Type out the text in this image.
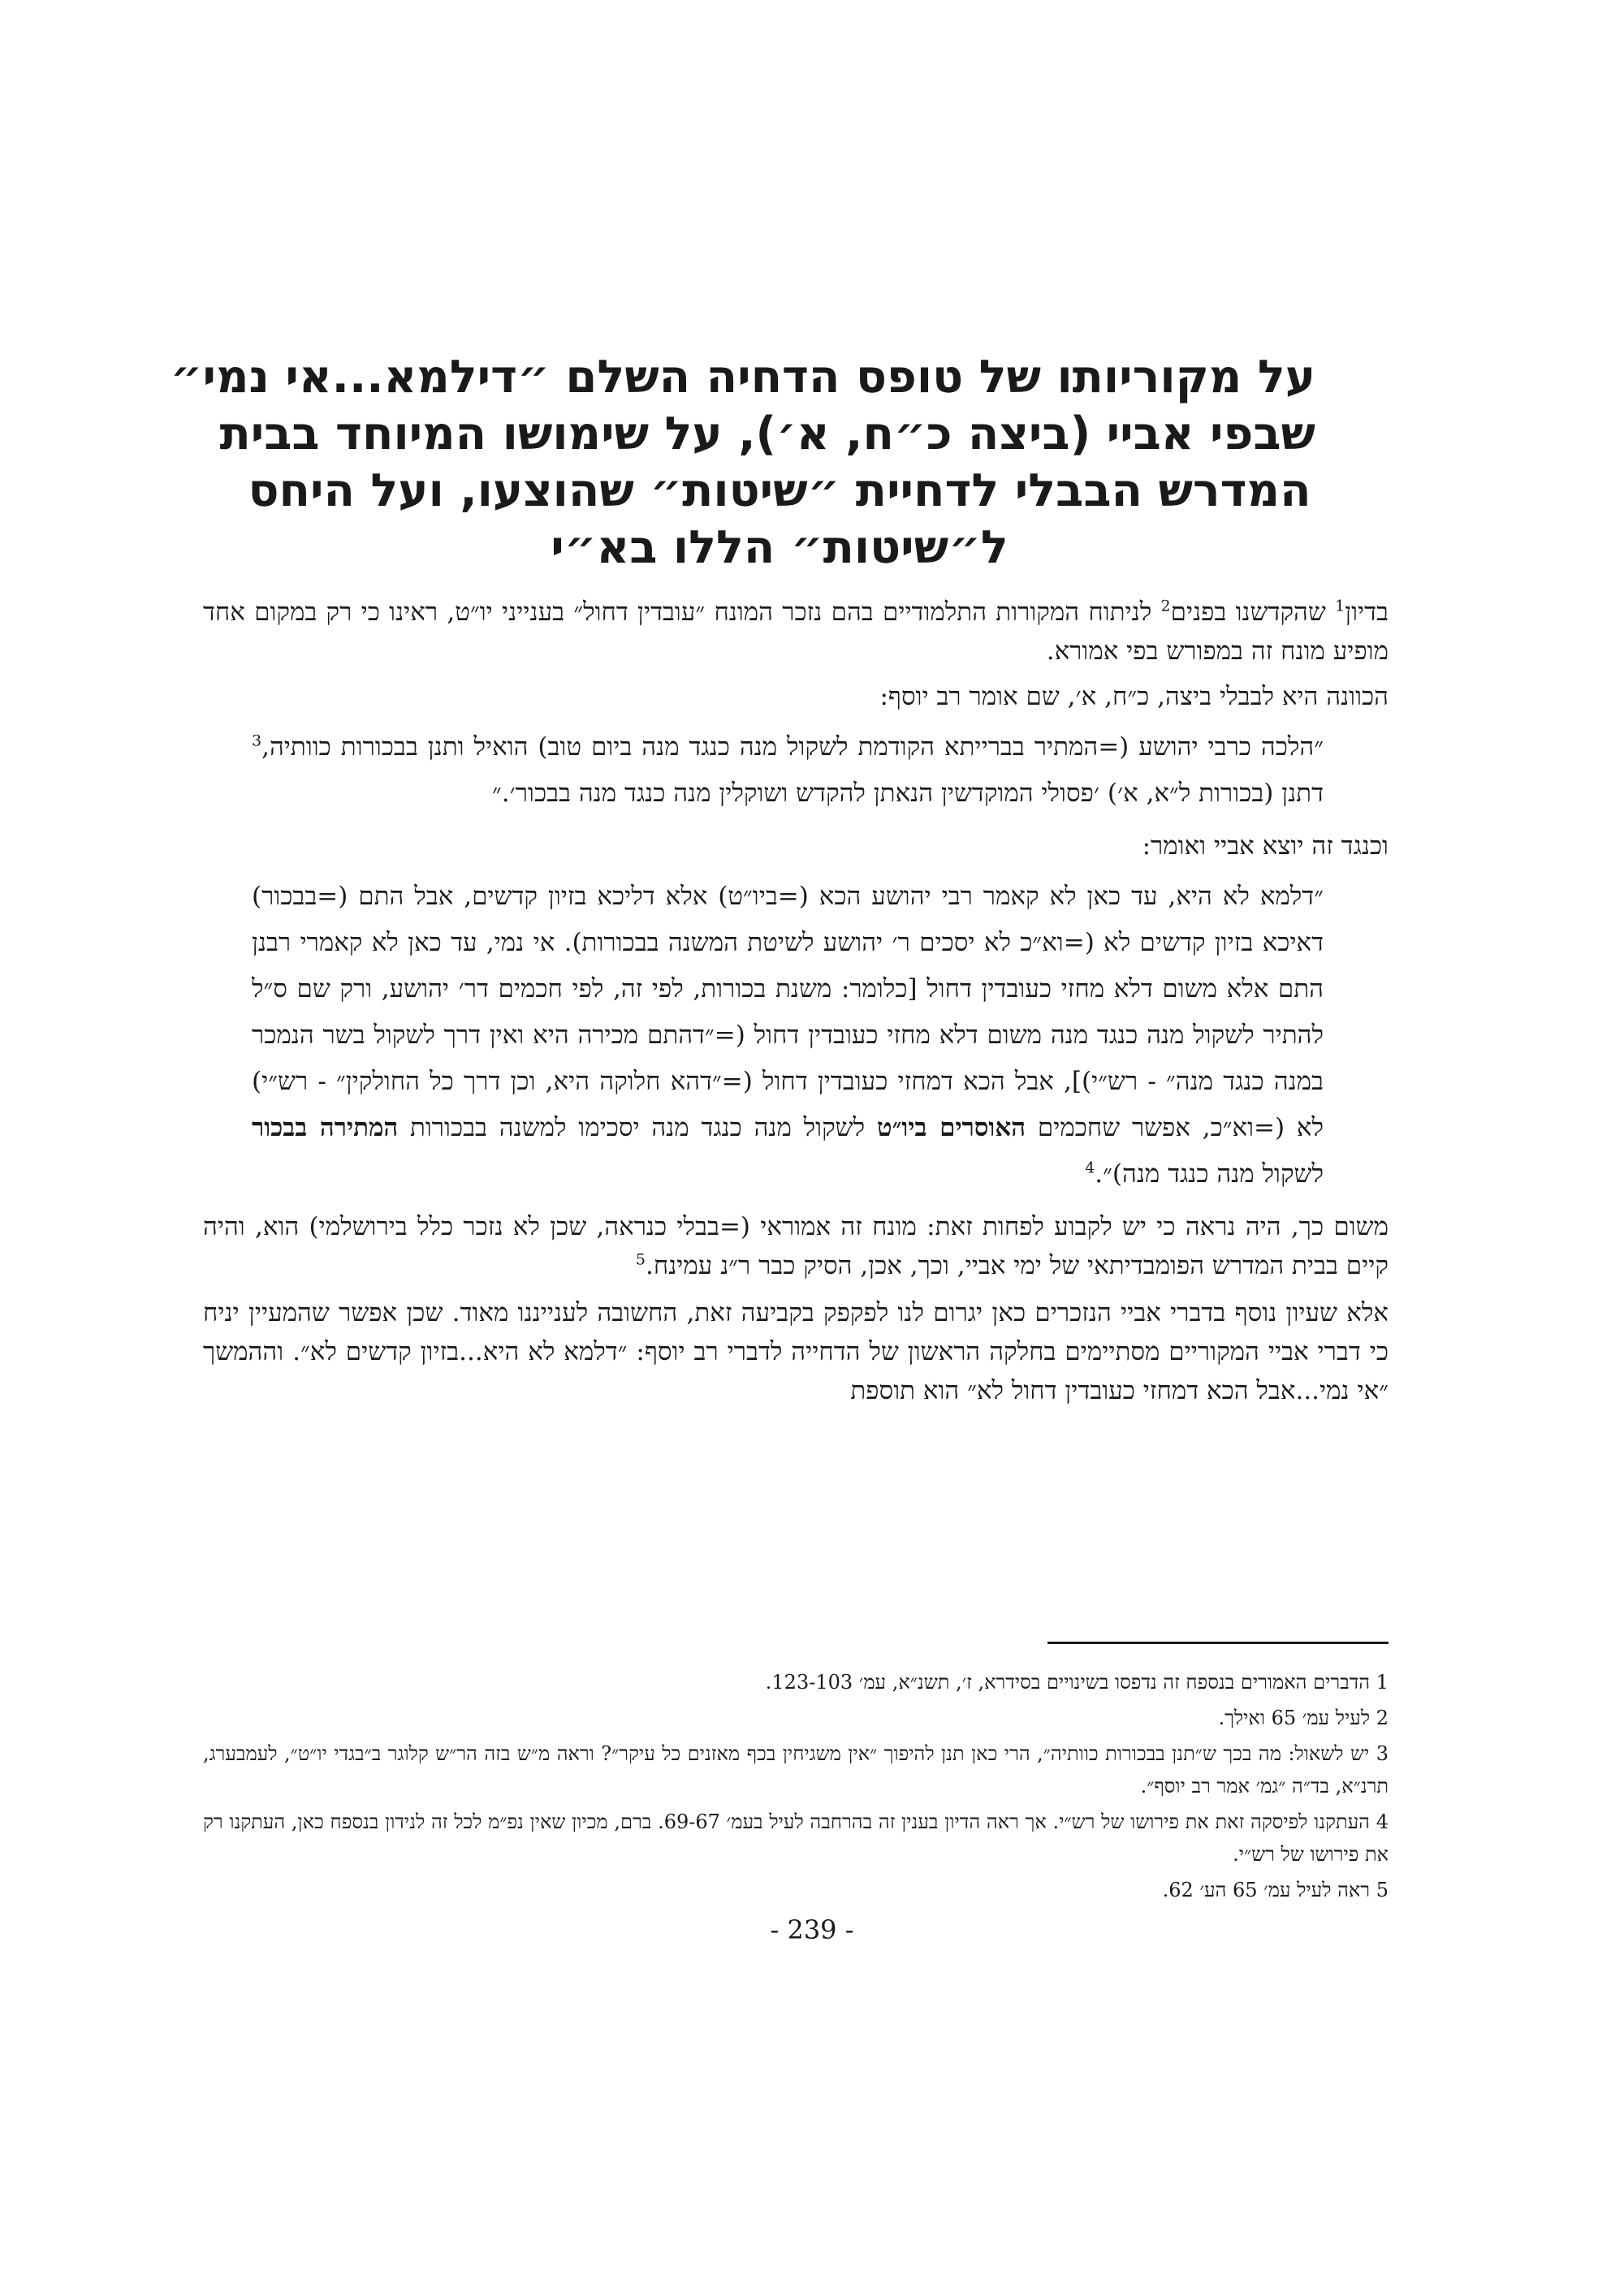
על מקוריותו של טופס הדחיה השלם ״דילמא...אי נמי״
שבפי אביי (ביצה כ״ח, א׳), על שימושו המיוחד בבית
המדרש הבבלי לדחיית ״שיטות״ שהוצעו, ועל היחס
ל״שיטות״ הללו בא״י

בדיון$^1$ שהקדשנו בפנים$^2$ לניתוח המקורות התלמודיים בהם נזכר המונח ״עובדין דחול״ בענייני יו״ט, ראינו כי רק במקום אחד מופיע מונח זה במפורש בפי אמורא.

הכוונה היא לבבלי ביצה, כ״ח, א׳, שם אומר רב יוסף:

״הלכה כרבי יהושע (=המתיר בברייתא הקודמת לשקול מנה כנגד מנה ביום טוב) הואיל ותנן בבכורות כוותיה,$^3$ דתנן (בכורות ל״א, א׳) ׳פסולי המוקדשין הנאתן להקדש ושוקלין מנה כנגד מנה בבכור׳.״

וכנגד זה יוצא אביי ואומר:

״דלמא לא היא, עד כאן לא קאמר רבי יהושע הכא (=ביו״ט) אלא דליכא בזיון קדשים, אבל התם (=בבכור) דאיכא בזיון קדשים לא (=וא״כ לא יסכים ר׳ יהושע לשיטת המשנה בבכורות). אי נמי, עד כאן לא קאמרי רבנן התם אלא משום דלא מחזי כעובדין דחול [כלומר: משנת בכורות, לפי זה, לפי חכמים דר׳ יהושע, ורק שם ס״ל להתיר לשקול מנה כנגד מנה משום דלא מחזי כעובדין דחול (=״דהתם מכירה היא ואין דרך לשקול בשר הנמכר במנה כנגד מנה״ - רש״י)], אבל הכא דמחזי כעובדין דחול (=״דהא חלוקה היא, וכן דרך כל החולקין״ - רש״י) לא (=וא״כ, אפשר שחכמים האוסרים ביו״ט לשקול מנה כנגד מנה יסכימו למשנה בבכורות המתירה בבכור לשקול מנה כנגד מנה)״.$^4$

משום כך, היה נראה כי יש לקבוע לפחות זאת: מונח זה אמוראי (=בבלי כנראה, שכן לא נזכר כלל בירושלמי) הוא, והיה קיים בבית המדרש הפומבדיתאי של ימי אביי, וכך, אכן, הסיק כבר ר״נ עמינח.$^5$

אלא שעיון נוסף בדברי אביי הנזכרים כאן יגרום לנו לפקפק בקביעה זאת, החשובה לענייננו מאוד. שכן אפשר שהמעיין יניח כי דברי אביי המקוריים מסתיימים בחלקה הראשון של הדחייה לדברי רב יוסף: ״דלמא לא היא...בזיון קדשים לא״. וההמשך ״אי נמי...אבל הכא דמחזי כעובדין דחול לא״ הוא תוספת

1 הדברים האמורים בנספח זה נדפסו בשינויים בסידרא, ז׳, תשנ״א, עמ׳ 123-103.

2 לעיל עמ׳ 65 ואילך.

3 יש לשאול: מה בכך ש״תנן בבכורות כוותיה״, הרי כאן תנן להיפוך ״אין משגיחין בכף מאזנים כל עיקר״? וראה מ״ש בזה הר״ש קלוגר ב״בגדי יו״ט״, לעמבערג, תרנ״א, בד״ה ״גמ׳ אמר רב יוסף״.

4 העתקנו לפיסקה זאת את פירושו של רש״י. אך ראה הדיון בענין זה בהרחבה לעיל בעמ׳ 69-67. ברם, מכיון שאין נפ״מ לכל זה לנידון בנספח כאן, העתקנו רק את פירושו של רש״י.

5 ראה לעיל עמ׳ 65 הע׳ 62.

- 239 -
